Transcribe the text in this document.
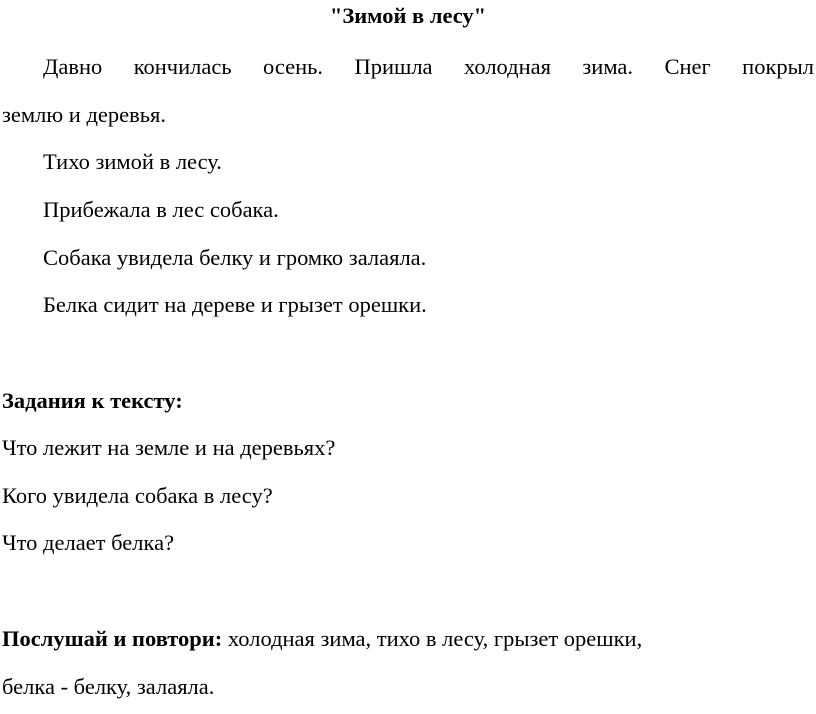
"Зимой в лесу"
Давно кончилась осень. Пришла холодная зима. Снег покрыл
землю и деревья.
Тихо зимой в лесу.
Прибежала в лес собака.
Собака увидела белку и громко залаяла.
Белка сидит на дереве и грызет орешки.
Задания к тексту:
Что лежит на земле и на деревьях?
Кого увидела собака в лесу?
Что делает белка?
Послушай и повтори: холодная зима, тихо в лесу, грызет орешки,
белка - белку, залаяла.
